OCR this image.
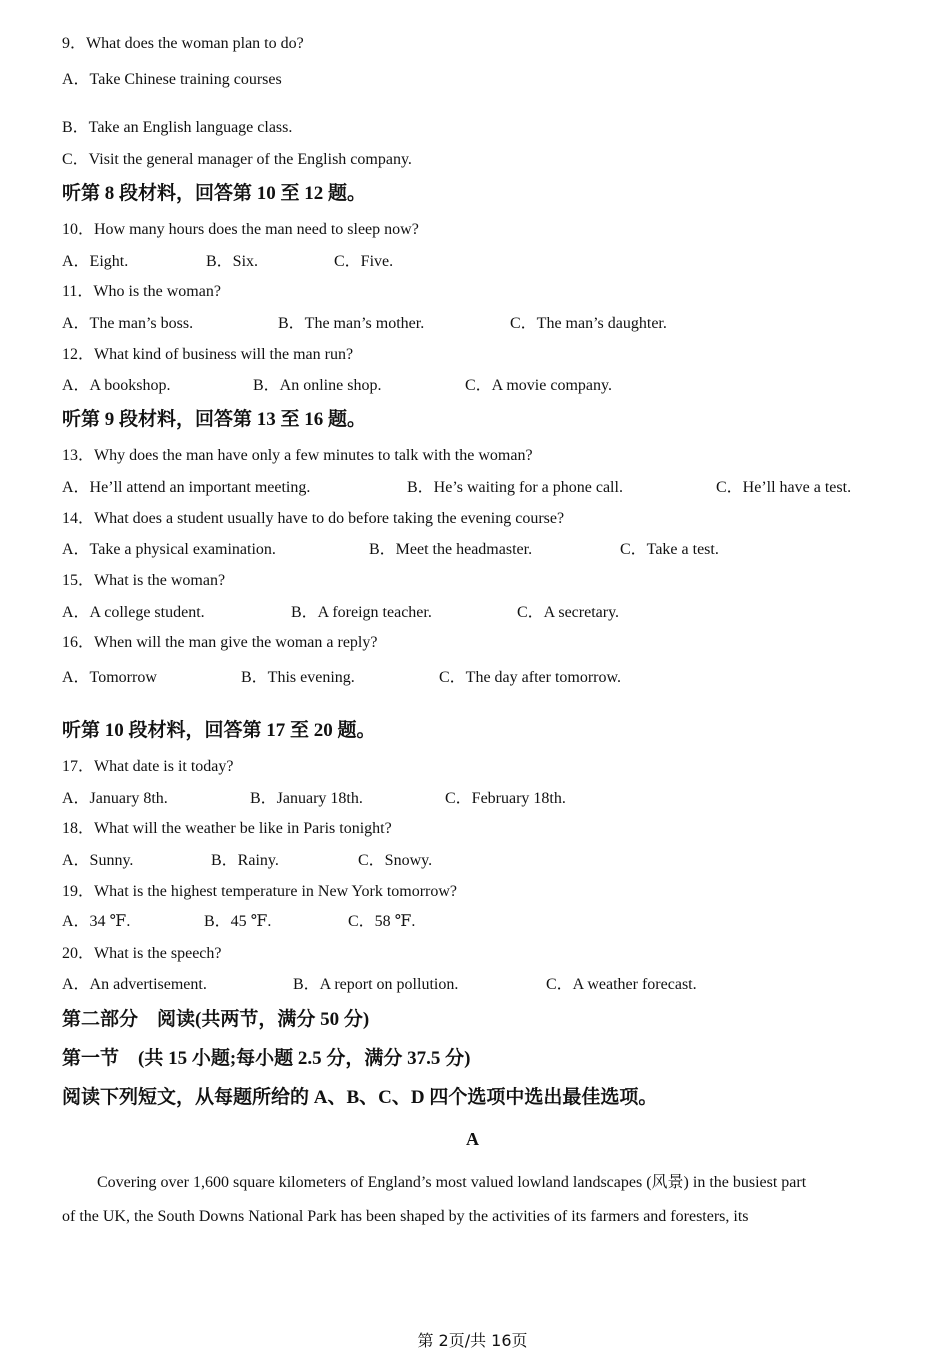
9．What does the woman plan to do?
A．Take Chinese training courses
B．Take an English language class.
C．Visit the general manager of the English company.
听第 8 段材料，回答第 10 至 12 题。
10．How many hours does the man need to sleep now?
11．Who is the woman?
12．What kind of business will the man run?
听第 9 段材料，回答第 13 至 16 题。
13．Why does the man have only a few minutes to talk with the woman?
14．What does a student usually have to do before taking the evening course?
15．What is the woman?
16．When will the man give the woman a reply?
听第 10 段材料，回答第 17 至 20 题。
17．What date is it today?
18．What will the weather be like in Paris tonight?
19．What is the highest temperature in New York tomorrow?
20．What is the speech?
第二部分　阅读(共两节，满分 50 分)
第一节　(共 15 小题;每小题 2.5 分，满分 37.5 分)
阅读下列短文，从每题所给的 A、B、C、D 四个选项中选出最佳选项。
A．Eight.	B．Six.	C．Five.
A．The man’s boss.	B．The man’s mother.	C．The man’s daughter.
A．A bookshop.	B．An online shop.	C．A movie company.
A．He’ll attend an important meeting.	B．He’s waiting for a phone call.	C．He’ll have a test.
A．Take a physical examination.	B．Meet the headmaster.	C．Take a test.
A．A college student.	B．A foreign teacher.	C．A secretary.
A．Tomorrow	B．This evening.	C．The day after tomorrow.
A．January 8th.	B．January 18th.	C．February 18th.
A．Sunny.	B．Rainy.	C．Snowy.
A．34 ℉.	B．45 ℉.	C．58 ℉.
A．An advertisement.	B．A report on pollution.	C．A weather forecast.
A
Covering over 1,600 square kilometers of England’s most valued lowland landscapes (风景) in the busiest part
of the UK, the South Downs National Park has been shaped by the activities of its farmers and foresters, its
第 2页/共 16页
